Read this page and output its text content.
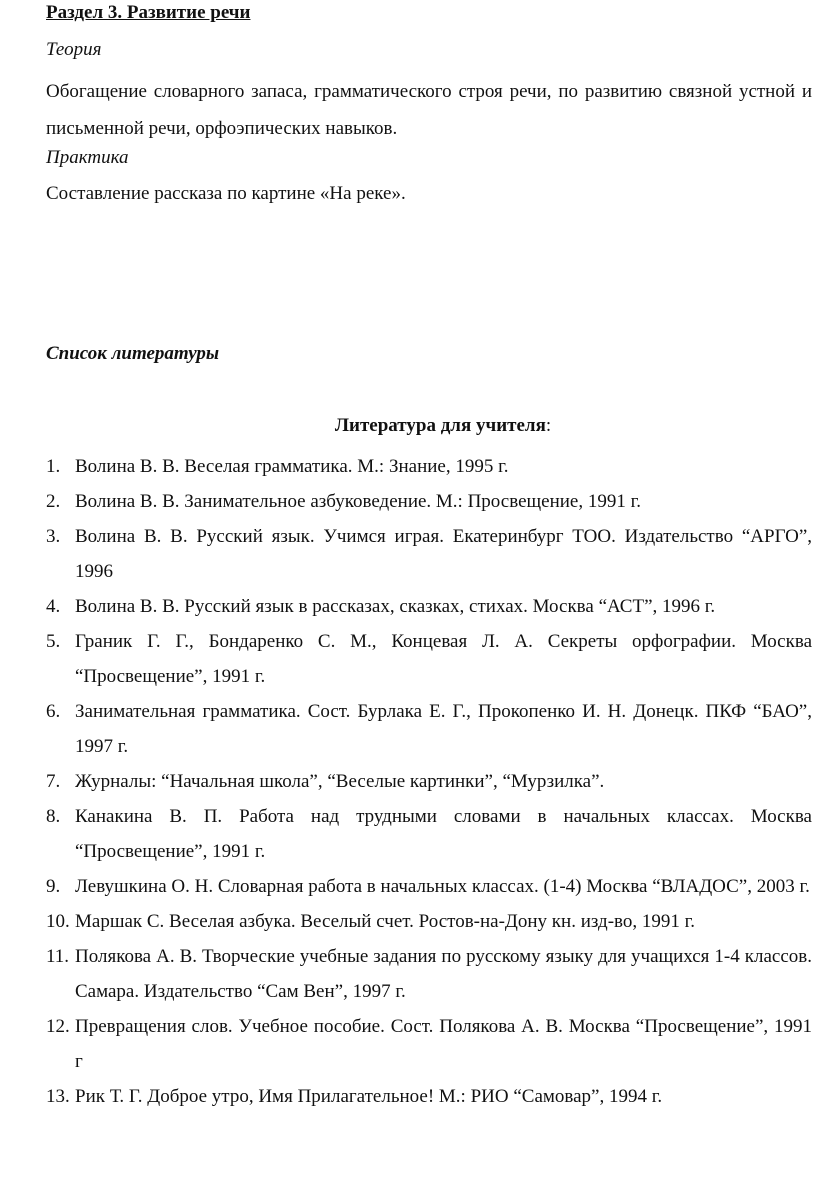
Раздел 3. Развитие речи
Теория
Обогащение словарного запаса, грамматического строя речи, по развитию связной устной и письменной речи, орфоэпических навыков.
Практика
Составление рассказа по картине «На реке».
Список литературы
Литература для учителя:
1. Волина В. В. Веселая грамматика. М.: Знание, 1995 г.
2. Волина В. В. Занимательное азбуковедение. М.: Просвещение, 1991 г.
3. Волина В. В. Русский язык. Учимся играя. Екатеринбург ТОО. Издательство “АРГО”, 1996
4. Волина В. В. Русский язык в рассказах, сказках, стихах. Москва “АСТ”, 1996 г.
5. Граник Г. Г., Бондаренко С. М., Концевая Л. А. Секреты орфографии. Москва “Просвещение”, 1991 г.
6. Занимательная грамматика. Сост. Бурлака Е. Г., Прокопенко И. Н. Донецк. ПКФ “БАО”, 1997 г.
7. Журналы: “Начальная школа”, “Веселые картинки”, “Мурзилка”.
8. Канакина В. П. Работа над трудными словами в начальных классах. Москва “Просвещение”, 1991 г.
9. Левушкина О. Н. Словарная работа в начальных классах. (1-4) Москва “ВЛАДОС”, 2003 г.
10. Маршак С. Веселая азбука. Веселый счет. Ростов-на-Дону кн. изд-во, 1991 г.
11. Полякова А. В. Творческие учебные задания по русскому языку для учащихся 1-4 классов. Самара. Издательство “Сам Вен”, 1997 г.
12. Превращения слов. Учебное пособие. Сост. Полякова А. В. Москва “Просвещение”, 1991 г
13. Рик Т. Г. Доброе утро, Имя Прилагательное! М.: РИО “Самовар”, 1994 г.
